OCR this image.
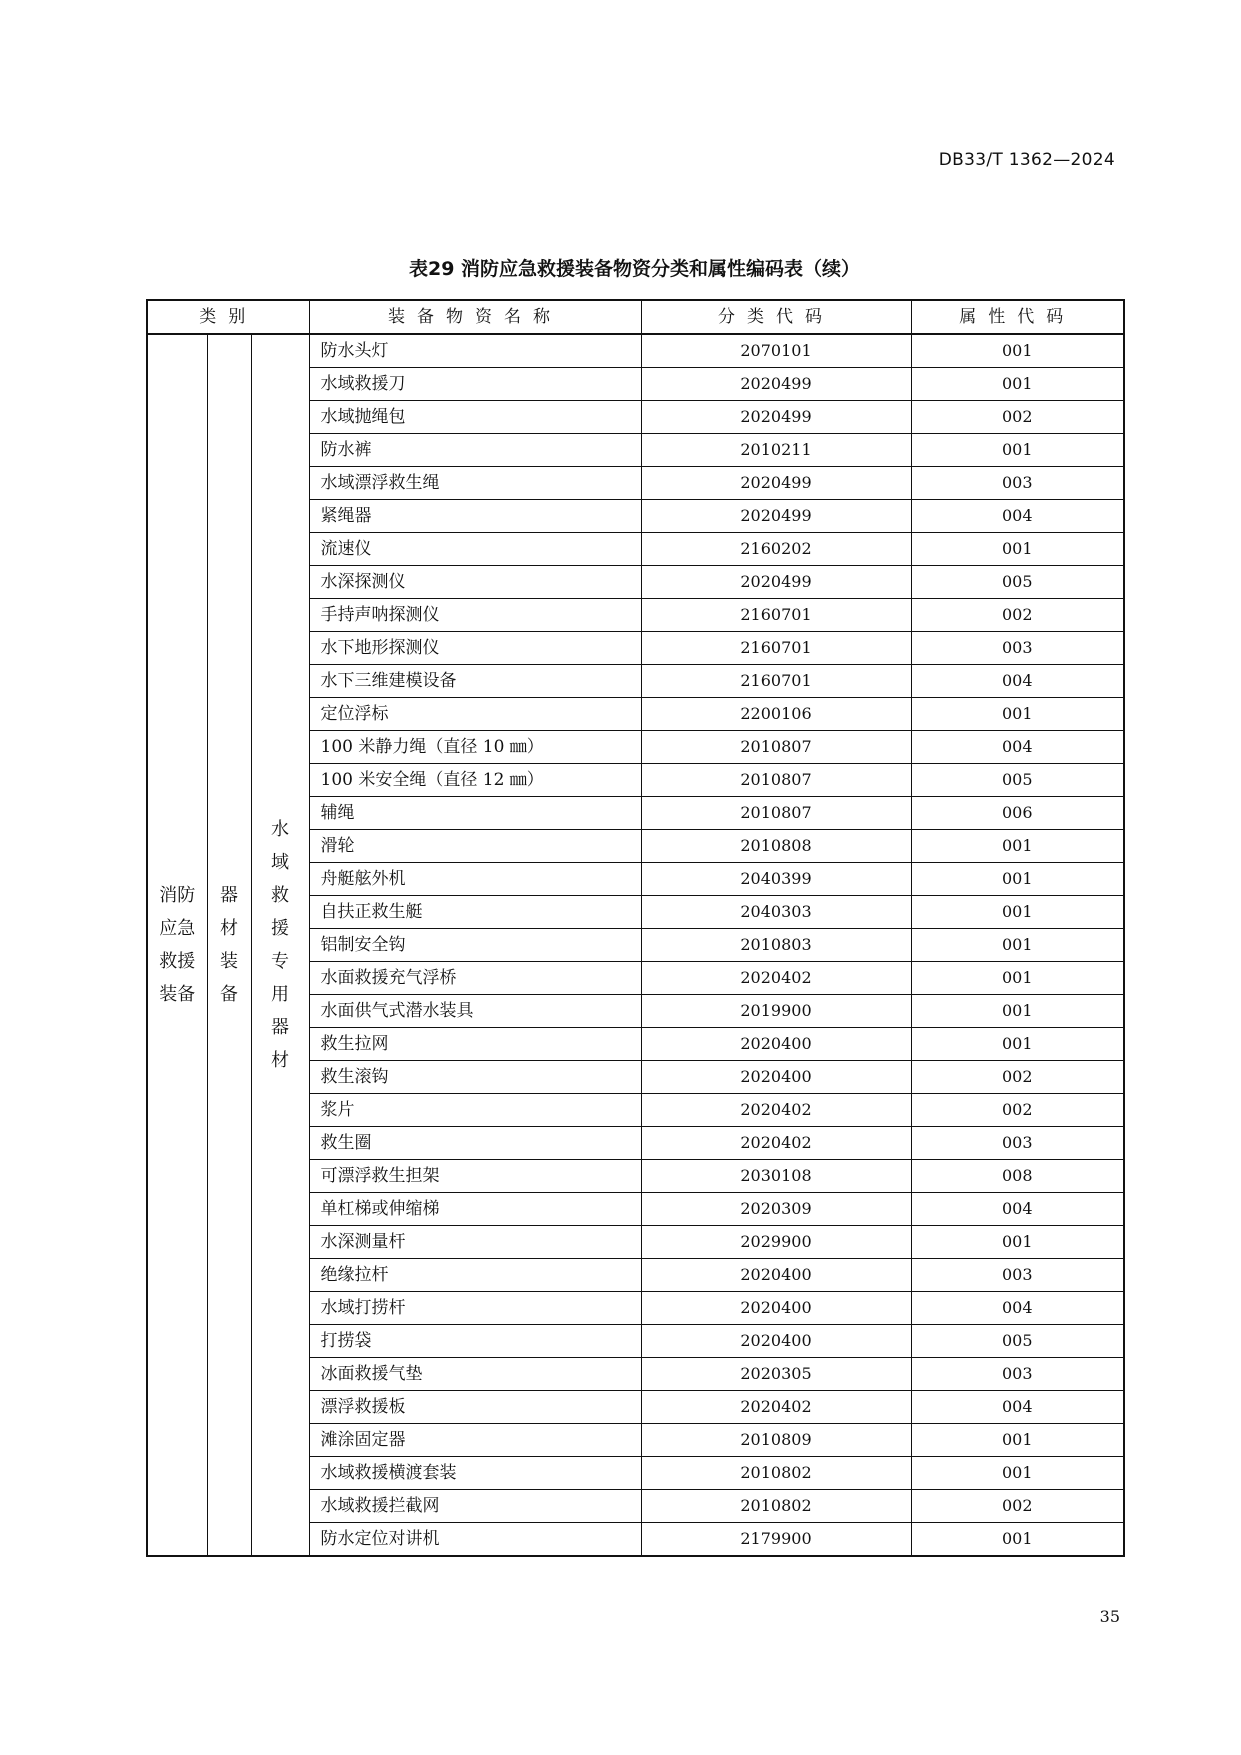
DB33/T 1362—2024
表29 消防应急救援装备物资分类和属性编码表（续）
类别			装备物资名称	分类代码	属性代码
消防应急救援装备	器材装备	水域救援专用器材	防水头灯	2070101	001
			水域救援刀	2020499	001
			水域抛绳包	2020499	002
			防水裤	2010211	001
			水域漂浮救生绳	2020499	003
			紧绳器	2020499	004
			流速仪	2160202	001
			水深探测仪	2020499	005
			手持声呐探测仪	2160701	002
			水下地形探测仪	2160701	003
			水下三维建模设备	2160701	004
			定位浮标	2200106	001
			100 米静力绳（直径 10 ㎜）	2010807	004
			100 米安全绳（直径 12 ㎜）	2010807	005
			辅绳	2010807	006
			滑轮	2010808	001
			舟艇舷外机	2040399	001
			自扶正救生艇	2040303	001
			铝制安全钩	2010803	001
			水面救援充气浮桥	2020402	001
			水面供气式潜水装具	2019900	001
			救生拉网	2020400	001
			救生滚钩	2020400	002
			浆片	2020402	002
			救生圈	2020402	003
			可漂浮救生担架	2030108	008
			单杠梯或伸缩梯	2020309	004
			水深测量杆	2029900	001
			绝缘拉杆	2020400	003
			水域打捞杆	2020400	004
			打捞袋	2020400	005
			冰面救援气垫	2020305	003
			漂浮救援板	2020402	004
			滩涂固定器	2010809	001
			水域救援横渡套装	2010802	001
			水域救援拦截网	2010802	002
			防水定位对讲机	2179900	001
35
